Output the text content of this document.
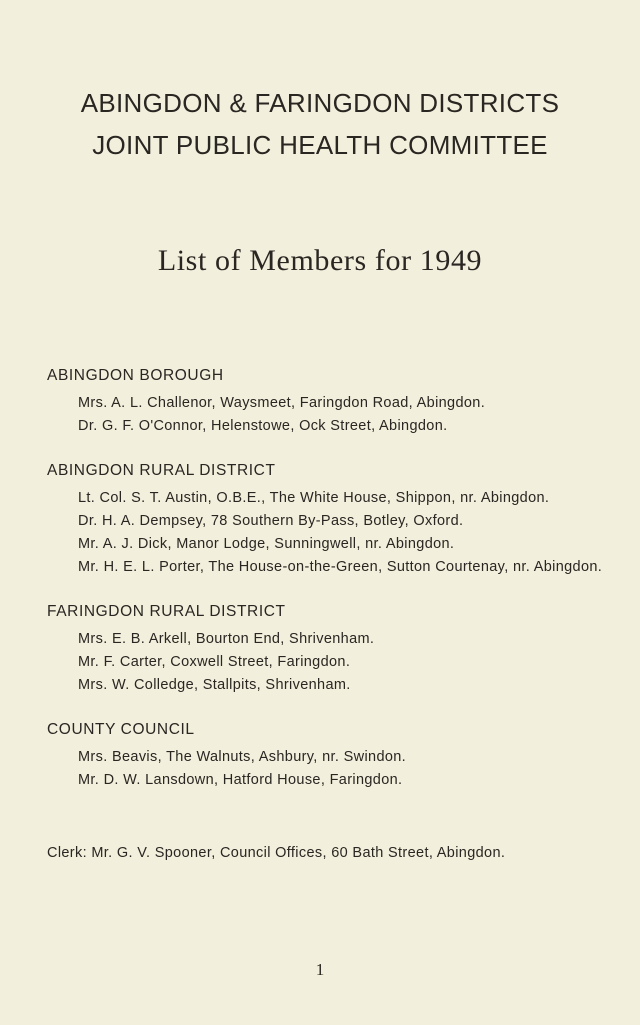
ABINGDON & FARINGDON DISTRICTS
JOINT PUBLIC HEALTH COMMITTEE
List of Members for 1949
ABINGDON BOROUGH
Mrs. A. L. Challenor, Waysmeet, Faringdon Road, Abingdon.
Dr. G. F. O'Connor, Helenstowe, Ock Street, Abingdon.
ABINGDON RURAL DISTRICT
Lt. Col. S. T. Austin, O.B.E., The White House, Shippon, nr. Abingdon.
Dr. H. A. Dempsey, 78 Southern By-Pass, Botley, Oxford.
Mr. A. J. Dick, Manor Lodge, Sunningwell, nr. Abingdon.
Mr. H. E. L. Porter, The House-on-the-Green, Sutton Courtenay, nr. Abingdon.
FARINGDON RURAL DISTRICT
Mrs. E. B. Arkell, Bourton End, Shrivenham.
Mr. F. Carter, Coxwell Street, Faringdon.
Mrs. W. Colledge, Stallpits, Shrivenham.
COUNTY COUNCIL
Mrs. Beavis, The Walnuts, Ashbury, nr. Swindon.
Mr. D. W. Lansdown, Hatford House, Faringdon.
Clerk: Mr. G. V. Spooner, Council Offices, 60 Bath Street, Abingdon.
1
